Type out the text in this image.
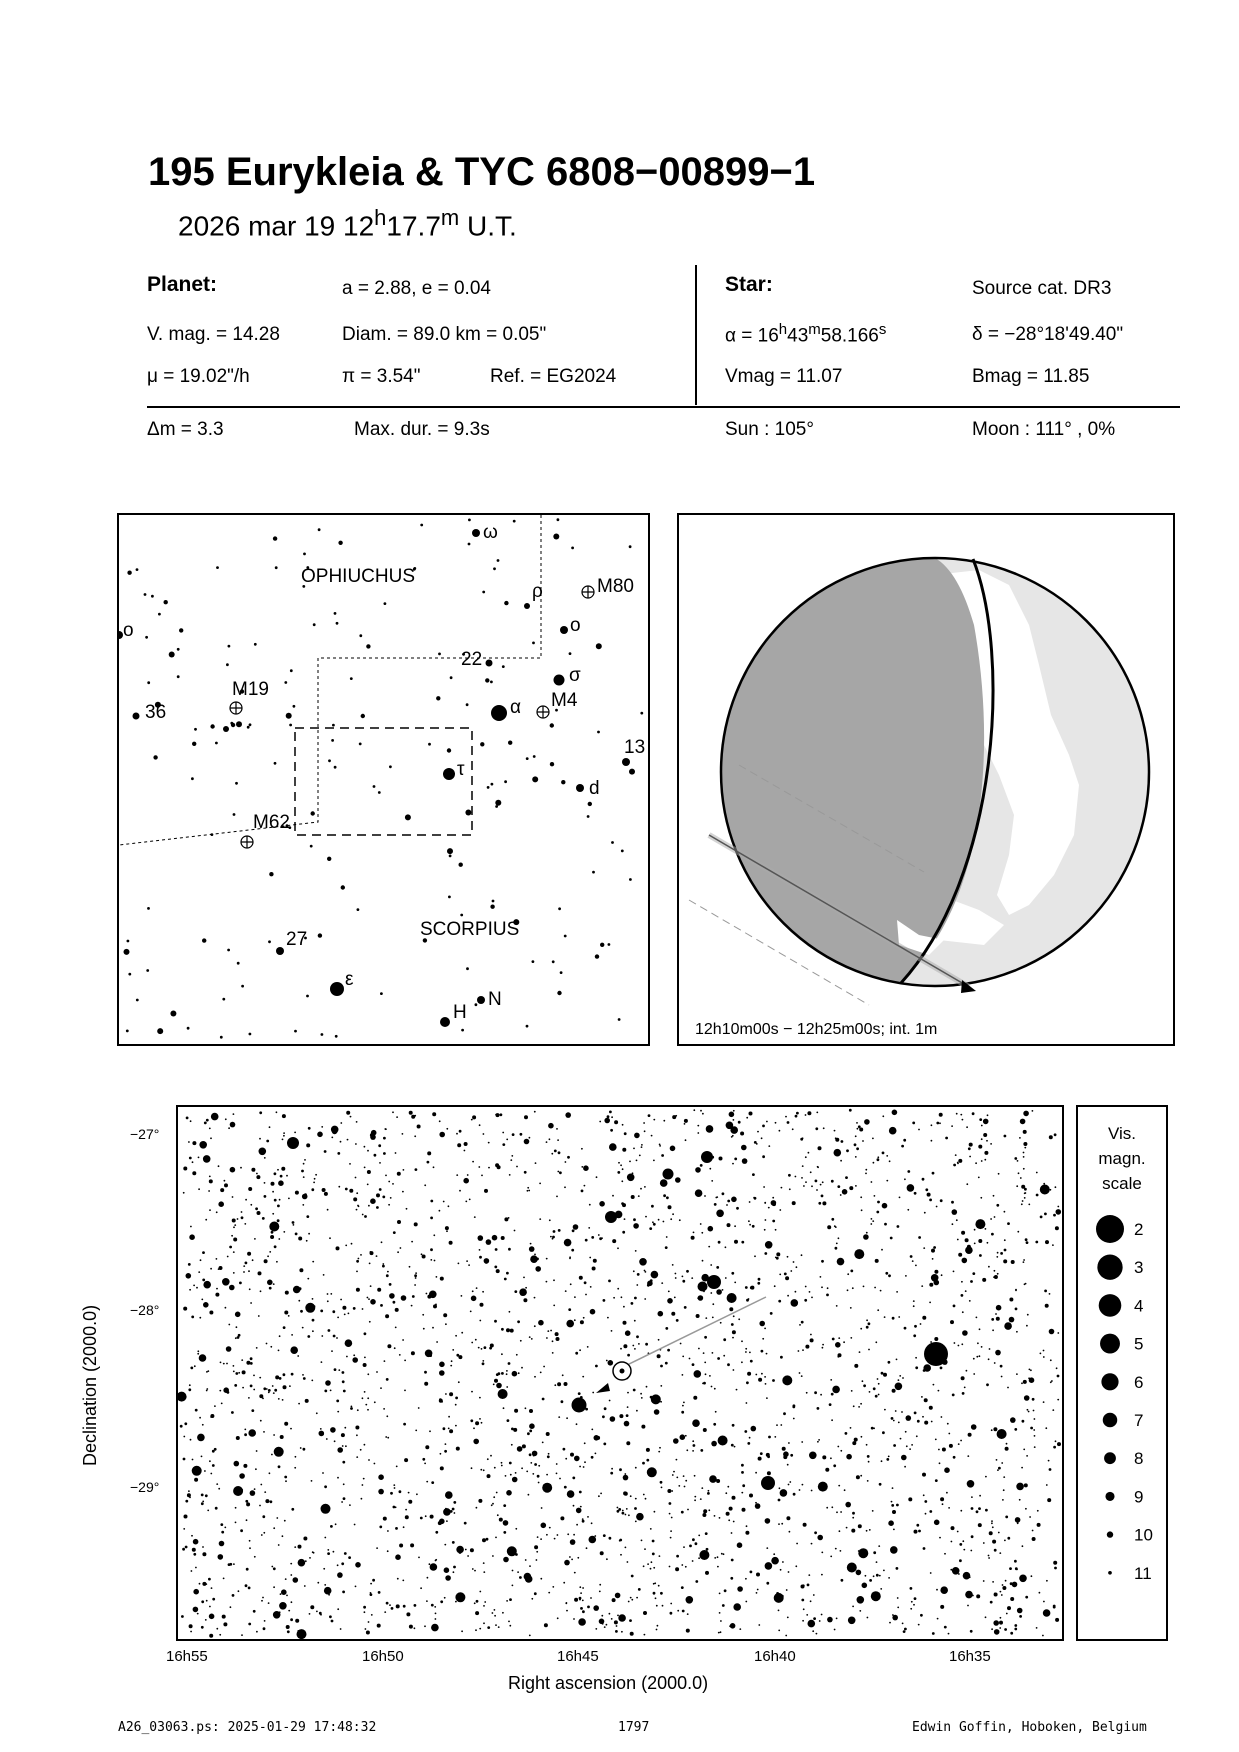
195 Eurykleia & TYC 6808−00899−1
2026 mar 19 12$^h$17.7$^m$ U.T.
Planet:	a = 2.88, e = 0.04
V. mag. = 14.28	Diam. = 89.0 km = 0.05"
μ = 19.02"/h	π = 3.54"	Ref. = EG2024
Star:	Source cat. DR3
$\alpha = 16^h43^m58.166^s$	δ = −28°18'49.40"
Vmag = 11.07	Bmag = 11.85
Δm = 3.3	Max. dur. = 9.3s	Sun : 105°	Moon : 111° , 0%
OPHIUCHUS
SCORPIUS
ω
ρ
o
o
σ
α
τ
ε
M80
M4
M19
M62
22
36
13
d
27
H
N
12h10m00s − 12h25m00s; int. 1m
−27°
−28°
−29°
16h55	16h50	16h45	16h40	16h35
Right ascension (2000.0)
Declination (2000.0)
Vis.
magn.
scale
2
3
4
5
6
7
8
9
10
11
A26_03063.ps: 2025-01-29 17:48:32	1797	Edwin Goffin, Hoboken, Belgium
